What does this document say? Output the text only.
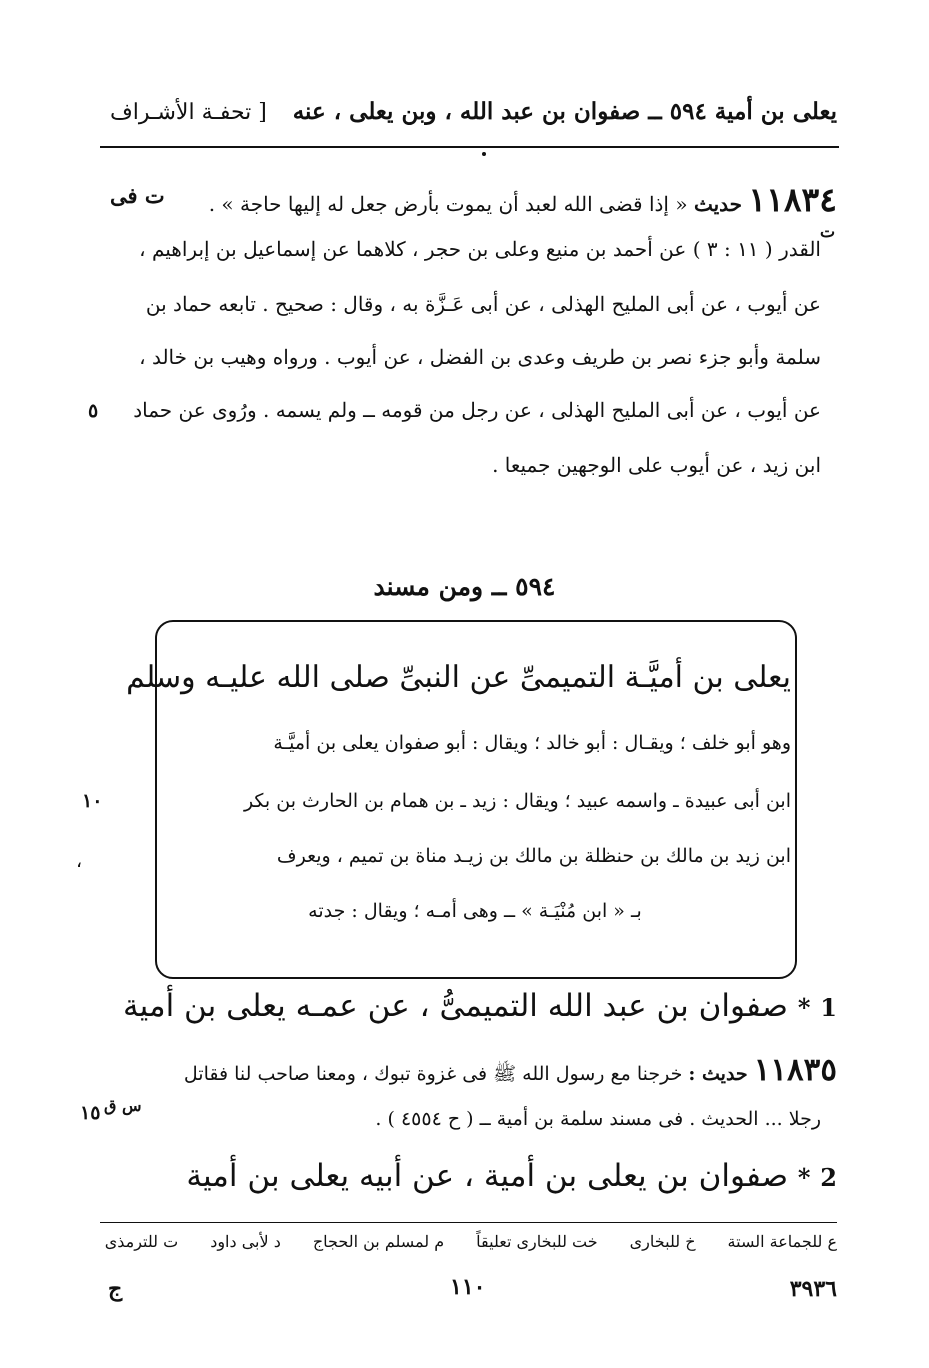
يعلى بن أمية ٥٩٤ ــ صفوان بن عبد الله ، وبن يعلى ، عنه
[ تحفـة الأشـراف
١١٨٣٤ حديث « إذا قضى الله لعبد أن يموت بأرض جعل له إليها حاجة » .
ت فى
ت
القدر ( ١١ : ٣ ) عن أحمد بن منيع وعلى بن حجر ، كلاهما عن إسماعيل بن إبراهيم ،
عن أيوب ، عن أبى المليح الهذلى ، عن أبى عَـزَّة به ، وقال : صحيح . تابعه حماد بن
سلمة وأبو جزء نصر بن طريف وعدى بن الفضل ، عن أيوب . ورواه وهيب بن خالد ،
عن أيوب ، عن أبى المليح الهذلى ، عن رجل من قومه ــ ولم يسمه . ورُوى عن حماد
٥
ابن زيد ، عن أيوب على الوجهين جميعا .
٥٩٤ ــ ومن مسند
يعلى بن أميَّـة التميمىِّ عن النبىِّ صلى الله عليـه وسلم
وهو أبو خلف ؛ ويقـال : أبو خالد ؛ ويقال : أبو صفوان يعلى بن أميَّـة
ابن أبى عبيدة ـ واسمه عبيد ؛ ويقال : زيد ـ بن همام بن الحارث بن بكر
ابن زيد بن مالك بن حنظلة بن مالك بن زيـد مناة بن تميم ، ويعرف
بـ « ابن مُنْيَـة » ــ وهى أمـه ؛ ويقال : جدته
١٠
،
1 * صفوان بن عبد الله التميمىُّ ، عن عمـه يعلى بن أمية
١١٨٣٥ حديث : خرجنا مع رسول الله ﷺ فى غزوة تبوك ، ومعنا صاحب لنا فقاتل
رجلا ... الحديث . فى مسند سلمة بن أمية ــ ( ح ٤٥٥٤ ) .
س ق
١٥
2 * صفوان بن يعلى بن أمية ، عن أبيه يعلى بن أمية
ع للجماعة الستة
خ للبخارى
خت للبخارى تعليقاً
م لمسلم بن الحجاج
د لأبى داود
ت للترمذى
٣٩٣٦
١١٠
ج
